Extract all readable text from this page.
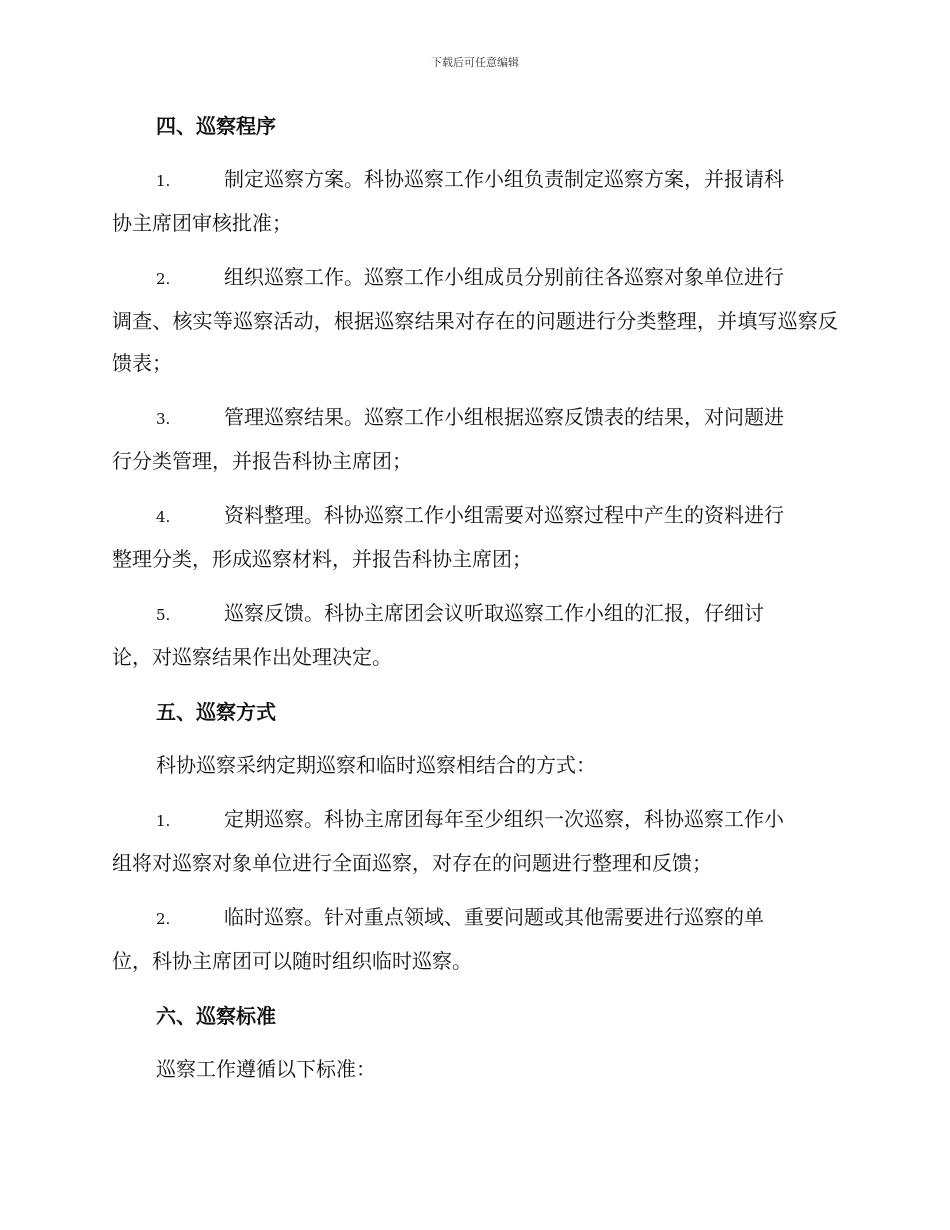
下载后可任意编辑
四、巡察程序
1.	制定巡察方案。科协巡察工作小组负责制定巡察方案，并报请科
协主席团审核批准；
2.	组织巡察工作。巡察工作小组成员分别前往各巡察对象单位进行
调查、核实等巡察活动，根据巡察结果对存在的问题进行分类整理，并填写巡察反馈表；
3.	管理巡察结果。巡察工作小组根据巡察反馈表的结果，对问题进
行分类管理，并报告科协主席团；
4.	资料整理。科协巡察工作小组需要对巡察过程中产生的资料进行
整理分类，形成巡察材料，并报告科协主席团；
5.	巡察反馈。科协主席团会议听取巡察工作小组的汇报，仔细讨
论，对巡察结果作出处理决定。
五、巡察方式
科协巡察采纳定期巡察和临时巡察相结合的方式：
1.	定期巡察。科协主席团每年至少组织一次巡察，科协巡察工作小
组将对巡察对象单位进行全面巡察，对存在的问题进行整理和反馈；
2.	临时巡察。针对重点领域、重要问题或其他需要进行巡察的单
位，科协主席团可以随时组织临时巡察。
六、巡察标准
巡察工作遵循以下标准：
